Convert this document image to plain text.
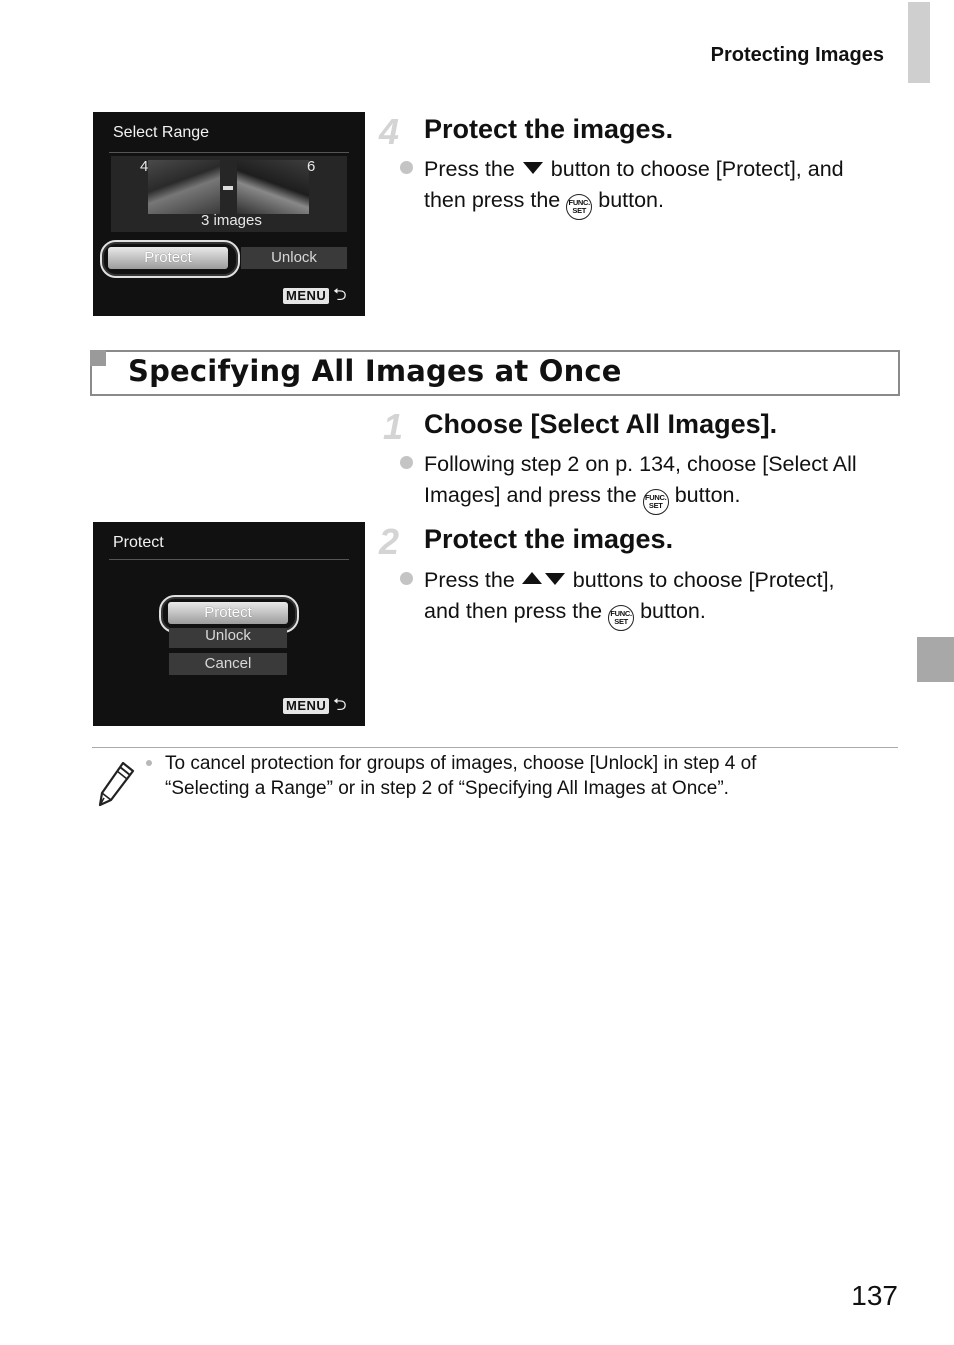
Protecting Images
Select Range
4	6
3 images
Protect	Unlock
MENU ⮌
4 Protect the images.
Press the button to choose [Protect], and
then press the FUNC.
SET button.
Specifying All Images at Once
1 Choose [Select All Images].
Following step 2 on p. 134, choose [Select All
Images] and press the FUNC.
SET button.
Protect
Protect
Unlock
Cancel
MENU ⮌
2 Protect the images.
Press the	buttons to choose [Protect],
and then press the FUNC.
SET button.
To cancel protection for groups of images, choose [Unlock] in step 4 of
“Selecting a Range” or in step 2 of “Specifying All Images at Once”.
137
